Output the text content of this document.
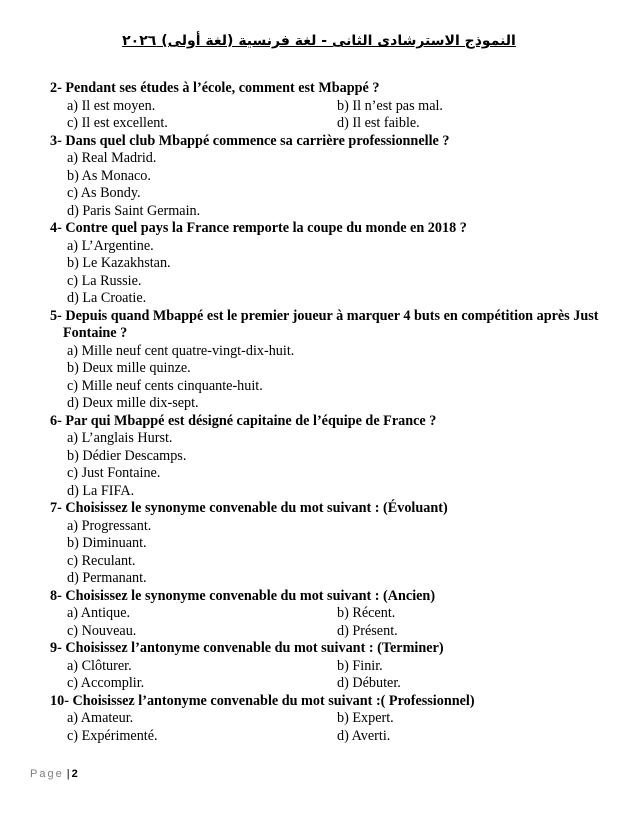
النموذج الاسترشادى الثانى - لغة فرنسية (لغة أولى) ٢٠٢٦
2- Pendant ses études à l’école, comment est Mbappé ?
a) Il est moyen.	b) Il n’est pas mal.
c) Il est excellent.	d) Il est faible.
3- Dans quel club Mbappé commence sa carrière professionnelle ?
a) Real Madrid.
b) As Monaco.
c) As Bondy.
d) Paris Saint Germain.
4- Contre quel pays la France remporte la coupe du monde en 2018 ?
a) L’Argentine.
b) Le Kazakhstan.
c) La Russie.
d) La Croatie.
5- Depuis quand Mbappé est le premier joueur à marquer 4 buts en compétition après Just Fontaine ?
a) Mille neuf cent quatre-vingt-dix-huit.
b) Deux mille quinze.
c) Mille neuf cents cinquante-huit.
d) Deux mille dix-sept.
6- Par qui Mbappé est désigné capitaine de l’équipe de France ?
a) L’anglais Hurst.
b) Dédier Descamps.
c) Just Fontaine.
d) La FIFA.
7- Choisissez le synonyme convenable du mot suivant : (Évoluant)
a) Progressant.
b) Diminuant.
c) Reculant.
d) Permanant.
8- Choisissez le synonyme convenable du mot suivant : (Ancien)
a) Antique.	b) Récent.
c) Nouveau.	d) Présent.
9- Choisissez l’antonyme convenable du mot suivant : (Terminer)
a) Clôturer.	b) Finir.
c) Accomplir.	d) Débuter.
10- Choisissez l’antonyme convenable du mot suivant :( Professionnel)
a) Amateur.	b) Expert.
c) Expérimenté.	d) Averti.
Page | 2
